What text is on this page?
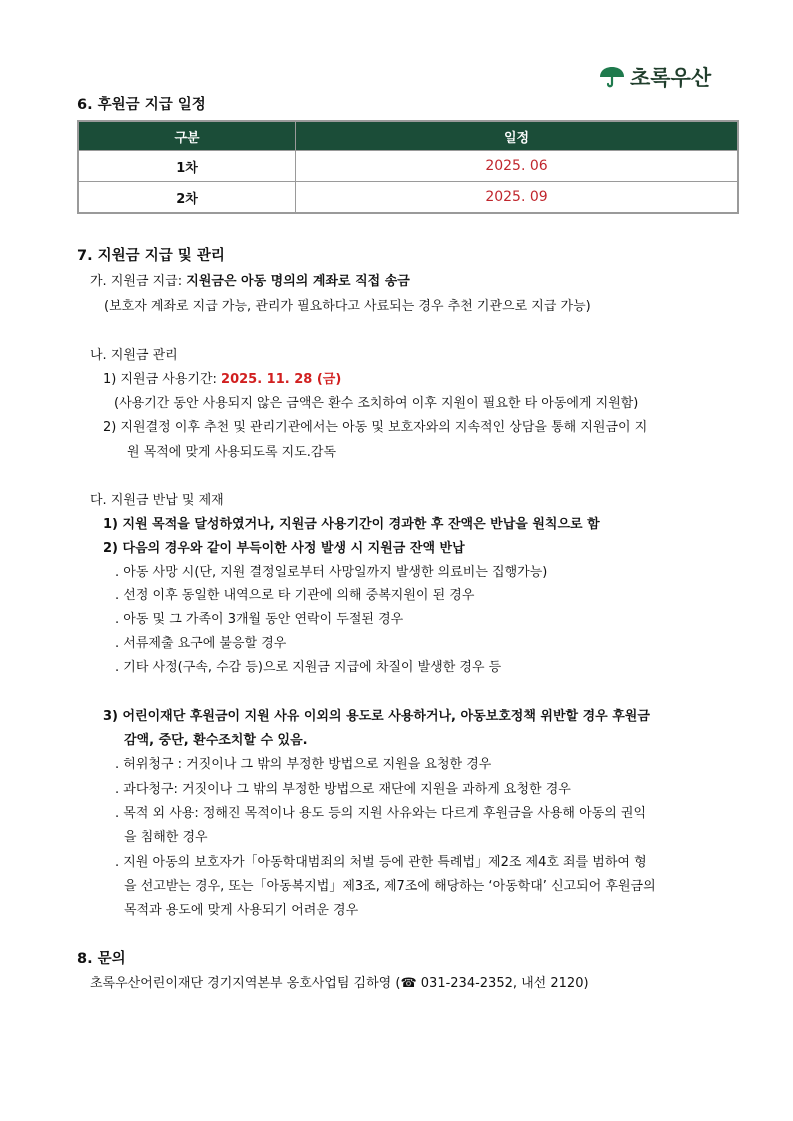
초록우산
6. 후원금 지급 일정
구분	일정
1차	2025. 06
2차	2025. 09
7. 지원금 지급 및 관리
가. 지원금 지급: 지원금은 아동 명의의 계좌로 직접 송금
(보호자 계좌로 지급 가능, 관리가 필요하다고 사료되는 경우 추천 기관으로 지급 가능)
나. 지원금 관리
1) 지원금 사용기간: 2025. 11. 28 (금)
(사용기간 동안 사용되지 않은 금액은 환수 조치하여 이후 지원이 필요한 타 아동에게 지원함)
2) 지원결정 이후 추천 및 관리기관에서는 아동 및 보호자와의 지속적인 상담을 통해 지원금이 지
원 목적에 맞게 사용되도록 지도.감독
다. 지원금 반납 및 제재
1) 지원 목적을 달성하였거나, 지원금 사용기간이 경과한 후 잔액은 반납을 원칙으로 함
2) 다음의 경우와 같이 부득이한 사정 발생 시 지원금 잔액 반납
. 아동 사망 시(단, 지원 결정일로부터 사망일까지 발생한 의료비는 집행가능)
. 선정 이후 동일한 내역으로 타 기관에 의해 중복지원이 된 경우
. 아동 및 그 가족이 3개월 동안 연락이 두절된 경우
. 서류제출 요구에 불응할 경우
. 기타 사정(구속, 수감 등)으로 지원금 지급에 차질이 발생한 경우 등
3) 어린이재단 후원금이 지원 사유 이외의 용도로 사용하거나, 아동보호정책 위반할 경우 후원금
감액, 중단, 환수조치할 수 있음.
. 허위청구 : 거짓이나 그 밖의 부정한 방법으로 지원을 요청한 경우
. 과다청구: 거짓이나 그 밖의 부정한 방법으로 재단에 지원을 과하게 요청한 경우
. 목적 외 사용: 정해진 목적이나 용도 등의 지원 사유와는 다르게 후원금을 사용해 아동의 권익
을 침해한 경우
. 지원 아동의 보호자가「아동학대범죄의 처벌 등에 관한 특례법」제2조 제4호 죄를 범하여 형
을 선고받는 경우, 또는「아동복지법」제3조, 제7조에 해당하는 ‘아동학대’ 신고되어 후원금의
목적과 용도에 맞게 사용되기 어려운 경우
8. 문의
초록우산어린이재단 경기지역본부 옹호사업팀 김하영 (☎ 031-234-2352, 내선 2120)
